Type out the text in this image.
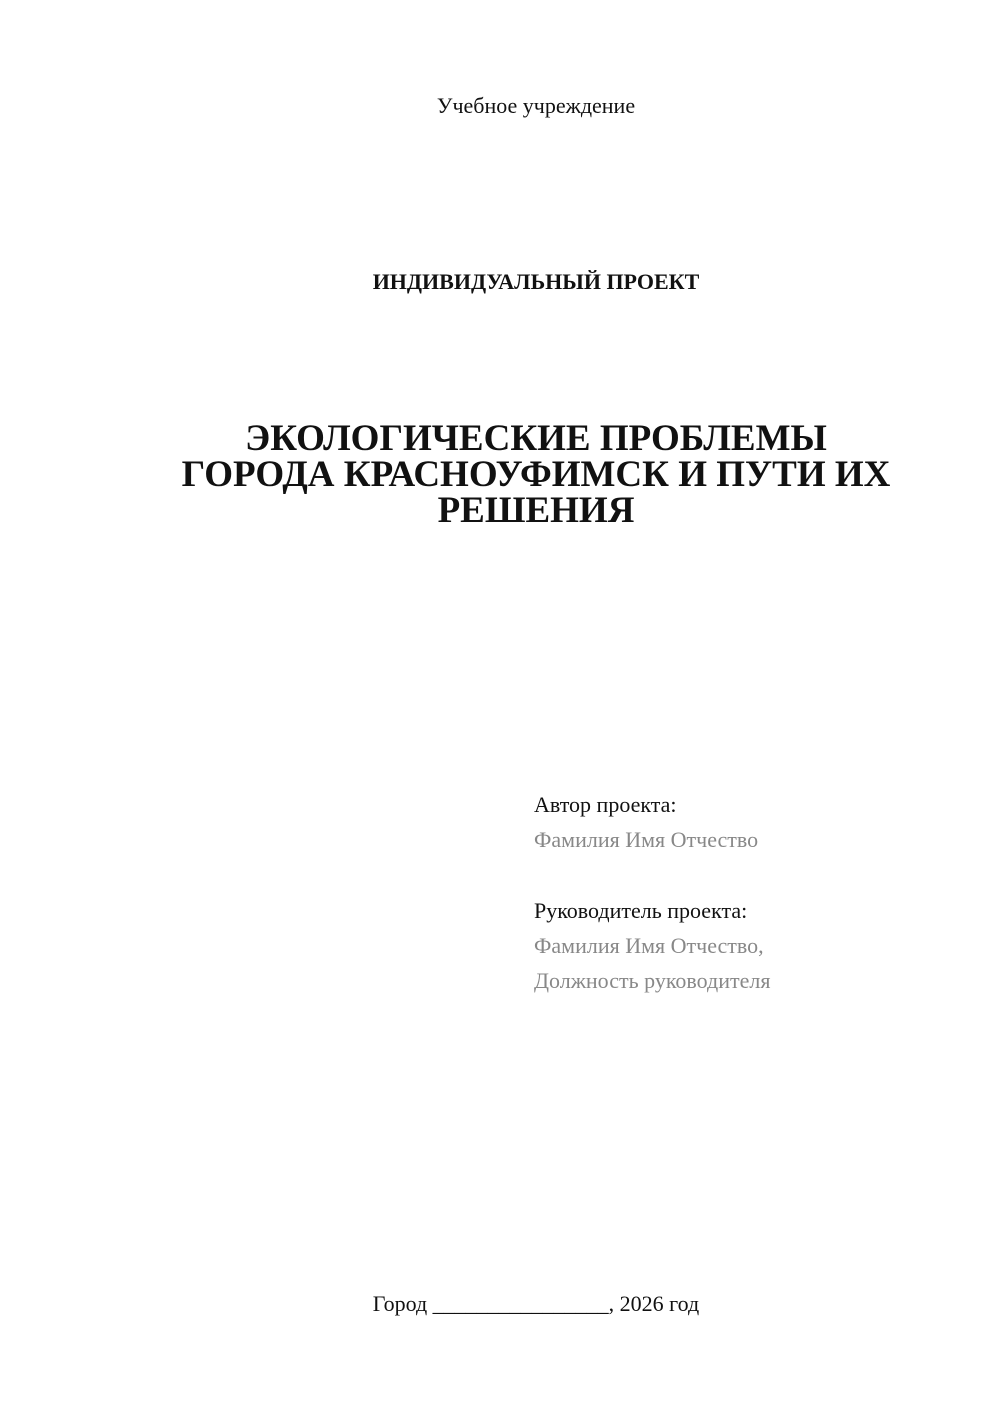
Учебное учреждение
ИНДИВИДУАЛЬНЫЙ ПРОЕКТ
ЭКОЛОГИЧЕСКИЕ ПРОБЛЕМЫ
ГОРОДА КРАСНОУФИМСК И ПУТИ ИХ
РЕШЕНИЯ
Автор проекта:
Фамилия Имя Отчество
Руководитель проекта:
Фамилия Имя Отчество,
Должность руководителя
Город ________________, 2026 год
